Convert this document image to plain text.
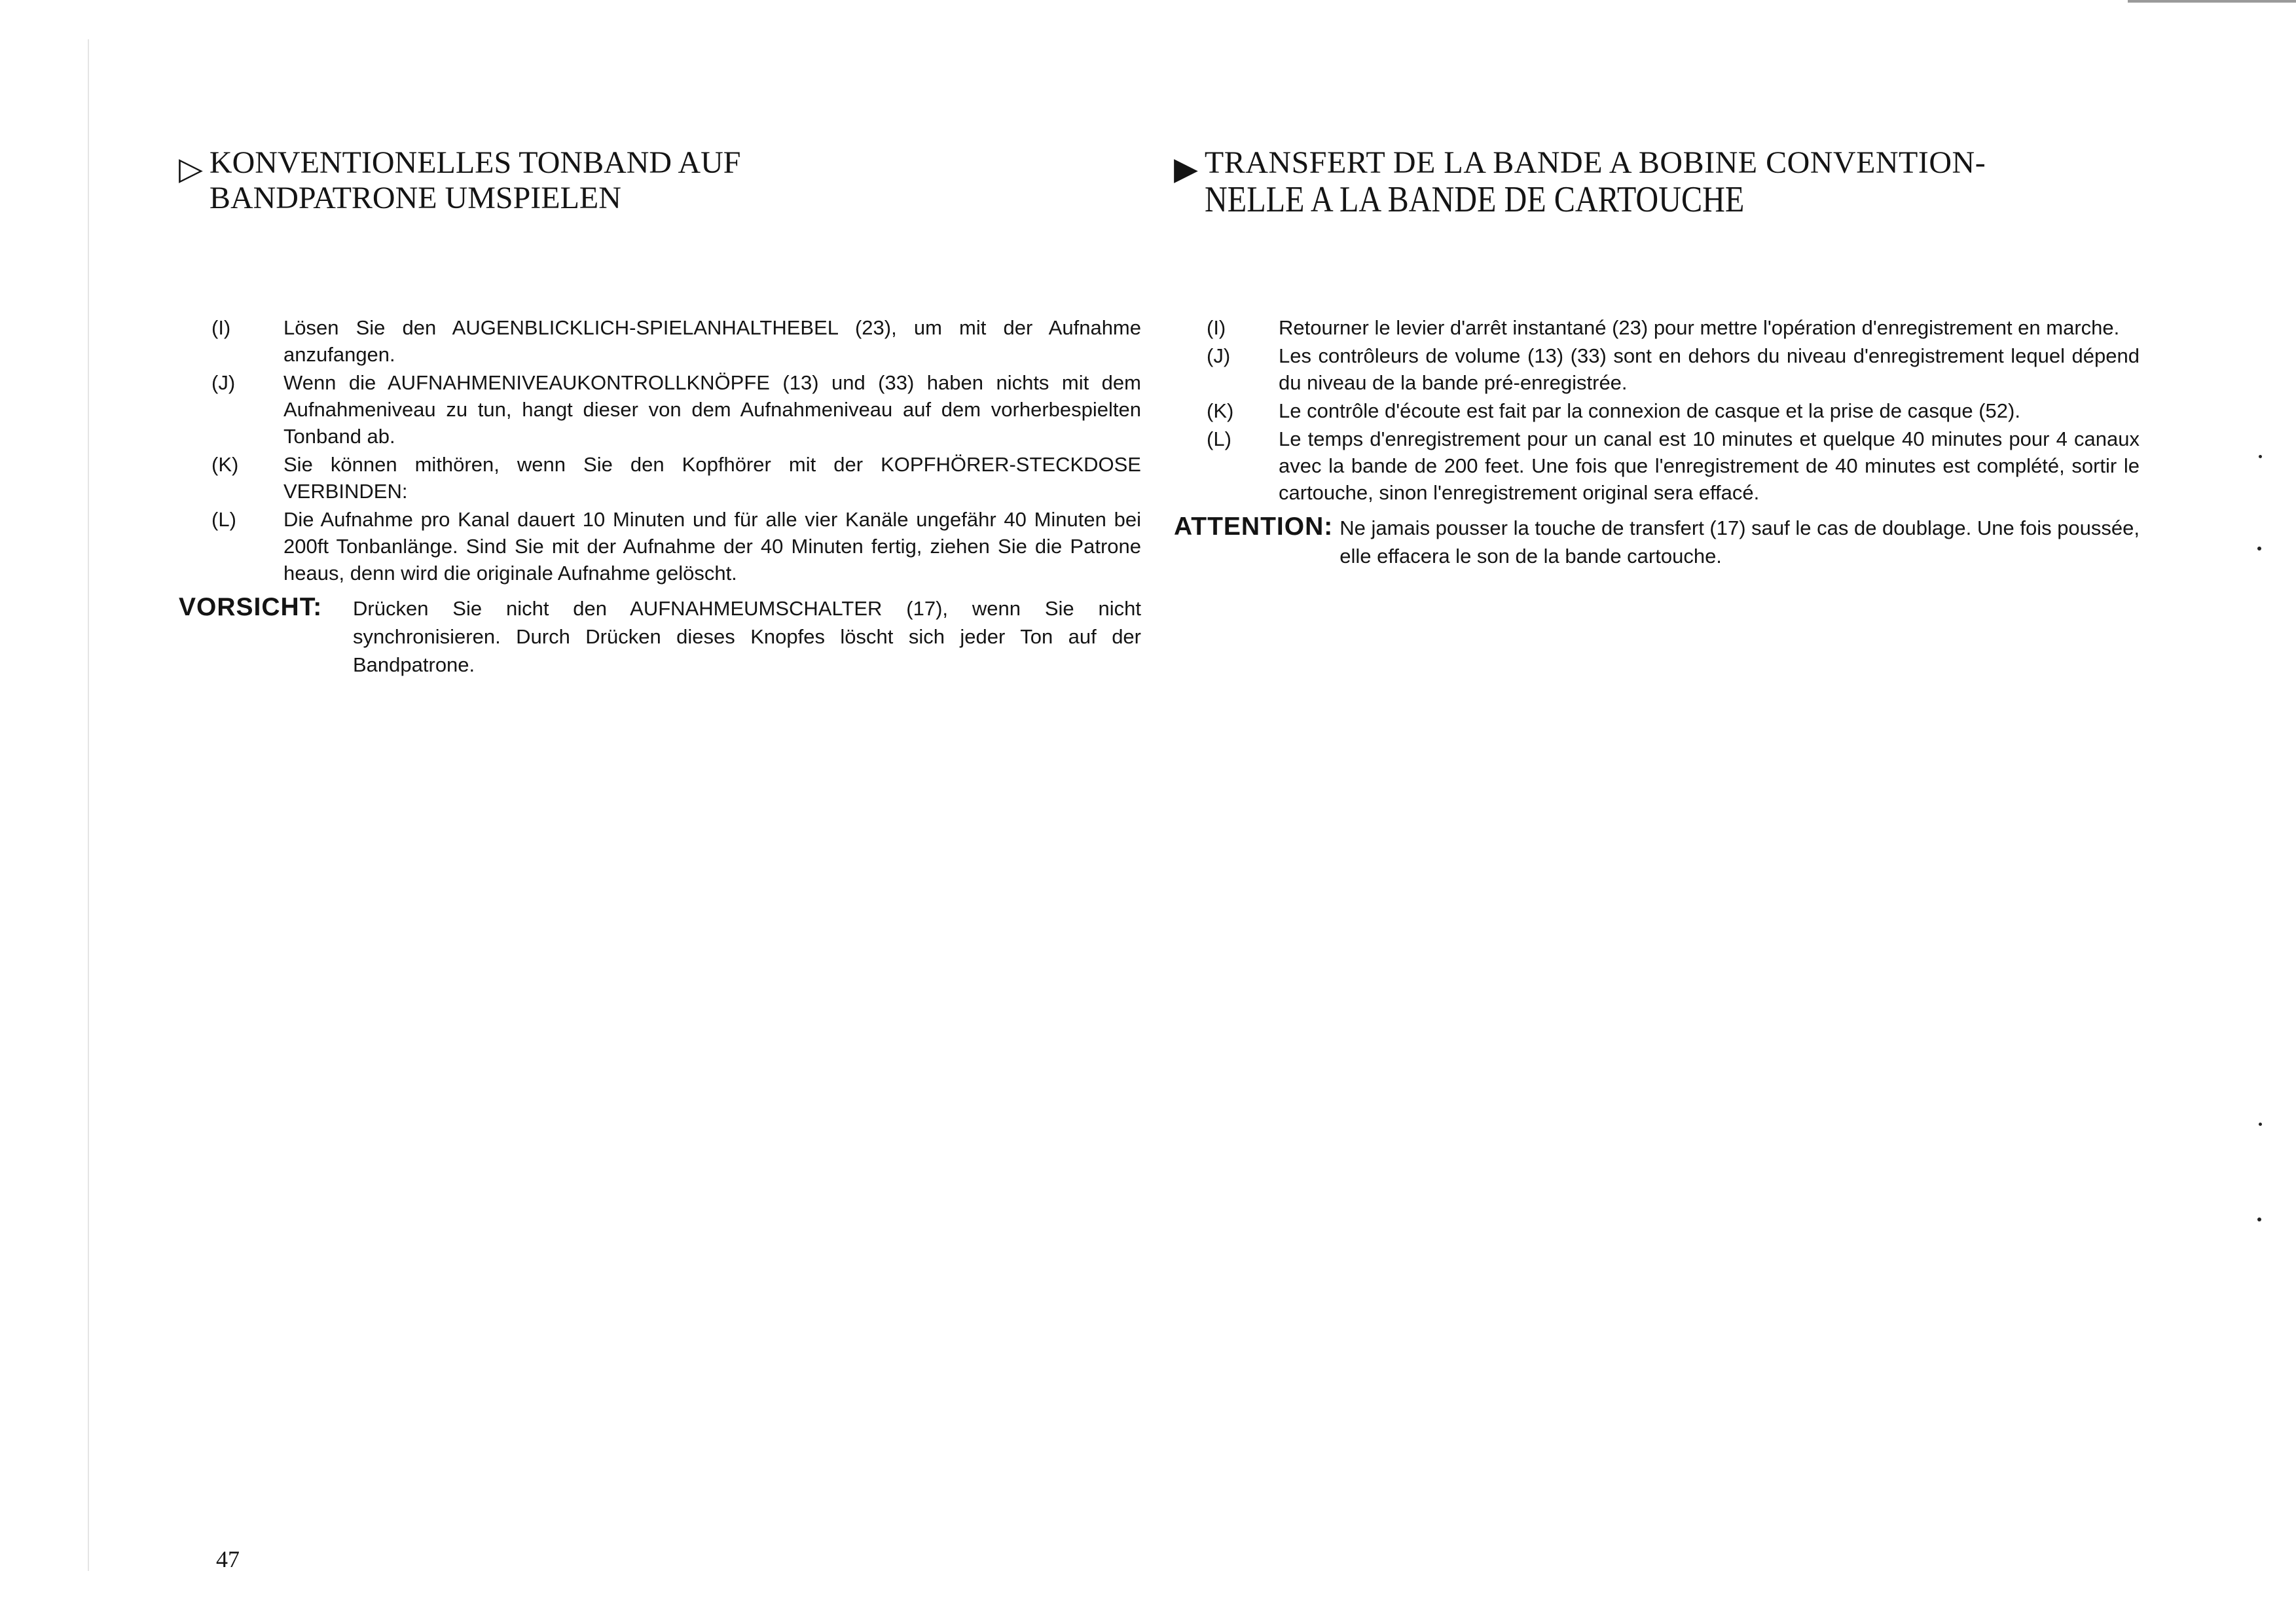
▷ KONVENTIONELLES TONBAND AUF
BANDPATRONE UMSPIELEN
(I)	Lösen Sie den AUGENBLICKLICH-SPIELANHALTHEBEL (23), um mit der Aufnahme anzufangen.
(J)	Wenn die AUFNAHMENIVEAUKONTROLLKNÖPFE (13) und (33) haben nichts mit dem Aufnahmeniveau zu tun, hangt dieser von dem Aufnahmeniveau auf dem vorherbespielten Tonband ab.
(K)	Sie können mithören, wenn Sie den Kopfhörer mit der KOPFHÖRER-STECKDOSE VERBINDEN:
(L)	Die Aufnahme pro Kanal dauert 10 Minuten und für alle vier Kanäle ungefähr 40 Minuten bei 200ft Tonbanlänge. Sind Sie mit der Aufnahme der 40 Minuten fertig, ziehen Sie die Patrone heaus, denn wird die originale Aufnahme gelöscht.
VORSICHT:	Drücken Sie nicht den AUFNAHMEUMSCHALTER (17), wenn Sie nicht synchronisieren. Durch Drücken dieses Knopfes löscht sich jeder Ton auf der Bandpatrone.
▶ TRANSFERT DE LA BANDE A BOBINE CONVENTION-
NELLE A LA BANDE DE CARTOUCHE
(I)	Retourner le levier d'arrêt instantané (23) pour mettre l'opération d'enregistrement en marche.
(J)	Les contrôleurs de volume (13) (33) sont en dehors du niveau d'enregistrement lequel dépend du niveau de la bande pré-enregistrée.
(K)	Le contrôle d'écoute est fait par la connexion de casque et la prise de casque (52).
(L)	Le temps d'enregistrement pour un canal est 10 minutes et quelque 40 minutes pour 4 canaux avec la bande de 200 feet. Une fois que l'enregistrement de 40 minutes est complété, sortir le cartouche, sinon l'enregistrement original sera effacé.
ATTENTION: Ne jamais pousser la touche de transfert (17) sauf le cas de doublage. Une fois poussée, elle effacera le son de la bande cartouche.
47
